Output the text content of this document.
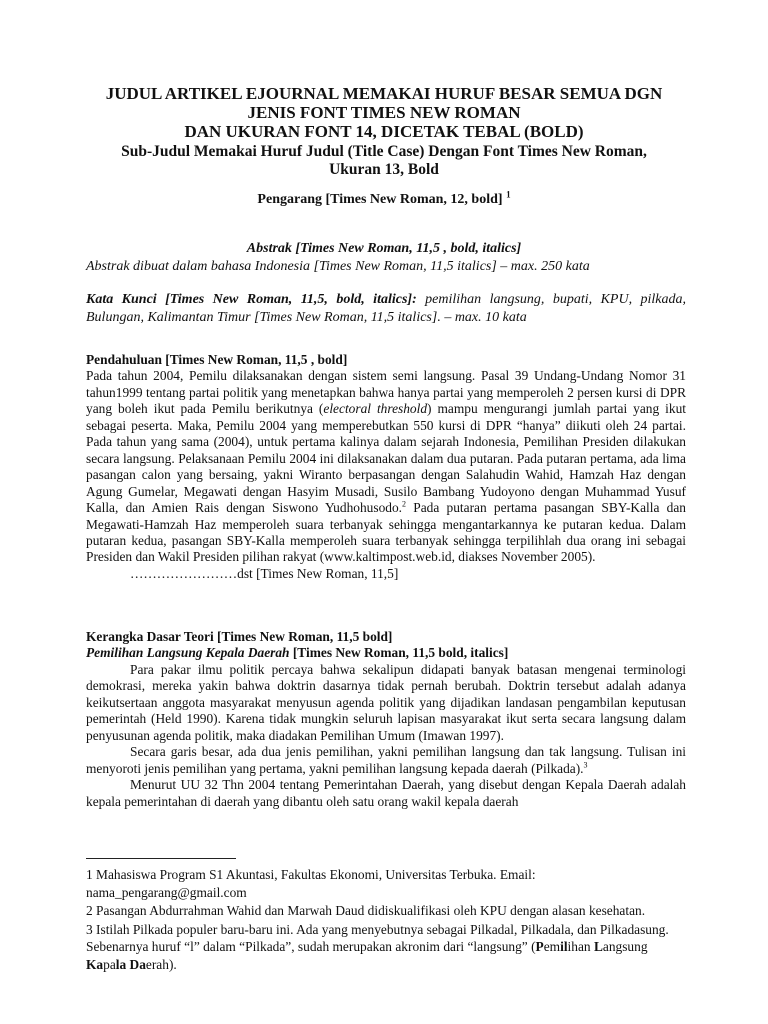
JUDUL ARTIKEL EJOURNAL MEMAKAI HURUF BESAR SEMUA DGN
JENIS FONT TIMES NEW ROMAN
DAN UKURAN FONT 14, DICETAK TEBAL (BOLD)

Sub-Judul Memakai Huruf Judul (Title Case) Dengan Font Times New Roman,
Ukuran 13, Bold

Pengarang [Times New Roman, 12, bold] $^1$
Abstrak [Times New Roman, 11,5 , bold, italics]
Abstrak dibuat dalam bahasa Indonesia [Times New Roman, 11,5 italics] – max. 250 kata
Kata Kunci [Times New Roman, 11,5, bold, italics]: pemilihan langsung, bupati, KPU, pilkada, Bulungan, Kalimantan Timur [Times New Roman, 11,5 italics]. – max. 10 kata

Pendahuluan [Times New Roman, 11,5 , bold]

Pada tahun 2004, Pemilu dilaksanakan dengan sistem semi langsung. Pasal 39 Undang-Undang Nomor 31 tahun1999 tentang partai politik yang menetapkan bahwa hanya partai yang memperoleh 2 persen kursi di DPR yang boleh ikut pada Pemilu berikutnya (electoral threshold) mampu mengurangi jumlah partai yang ikut sebagai peserta. Maka, Pemilu 2004 yang memperebutkan 550 kursi di DPR “hanya” diikuti oleh 24 partai. Pada tahun yang sama (2004), untuk pertama kalinya dalam sejarah Indonesia, Pemilihan Presiden dilakukan secara langsung. Pelaksanaan Pemilu 2004 ini dilaksanakan dalam dua putaran. Pada putaran pertama, ada lima pasangan calon yang bersaing, yakni Wiranto berpasangan dengan Salahudin Wahid, Hamzah Haz dengan Agung Gumelar, Megawati dengan Hasyim Musadi, Susilo Bambang Yudoyono dengan Muhammad Yusuf Kalla, dan Amien Rais dengan Siswono Yudhohusodo.$^2$ Pada putaran pertama pasangan SBY-Kalla dan Megawati-Hamzah Haz memperoleh suara terbanyak sehingga mengantarkannya ke putaran kedua. Dalam putaran kedua, pasangan SBY-Kalla memperoleh suara terbanyak sehingga terpilihlah dua orang ini sebagai Presiden dan Wakil Presiden pilihan rakyat (www.kaltimpost.web.id, diakses November 2005).

……………………dst [Times New Roman, 11,5]

Kerangka Dasar Teori [Times New Roman, 11,5 bold]

Pemilihan Langsung Kepala Daerah [Times New Roman, 11,5 bold, italics]

Para pakar ilmu politik percaya bahwa sekalipun didapati banyak batasan mengenai terminologi demokrasi, mereka yakin bahwa doktrin dasarnya tidak pernah berubah. Doktrin tersebut adalah adanya keikutsertaan anggota masyarakat menyusun agenda politik yang dijadikan landasan pengambilan keputusan pemerintah (Held 1990). Karena tidak mungkin seluruh lapisan masyarakat ikut serta secara langsung dalam penyusunan agenda politik, maka diadakan Pemilihan Umum (Imawan 1997).

Secara garis besar, ada dua jenis pemilihan, yakni pemilihan langsung dan tak langsung. Tulisan ini menyoroti jenis pemilihan yang pertama, yakni pemilihan langsung kepada daerah (Pilkada).$^3$

Menurut UU 32 Thn 2004 tentang Pemerintahan Daerah, yang disebut dengan Kepala Daerah adalah kepala pemerintahan di daerah yang dibantu oleh satu orang wakil kepala daerah

1 Mahasiswa Program S1 Akuntasi, Fakultas Ekonomi, Universitas Terbuka. Email: nama_pengarang@gmail.com

2 Pasangan Abdurrahman Wahid dan Marwah Daud didiskualifikasi oleh KPU dengan alasan kesehatan.

3 Istilah Pilkada populer baru-baru ini. Ada yang menyebutnya sebagai Pilkadal, Pilkadala, dan Pilkadasung. Sebenarnya huruf “l” dalam “Pilkada”, sudah merupakan akronim dari “langsung” (Pemilihan Langsung Kapala Daerah).
